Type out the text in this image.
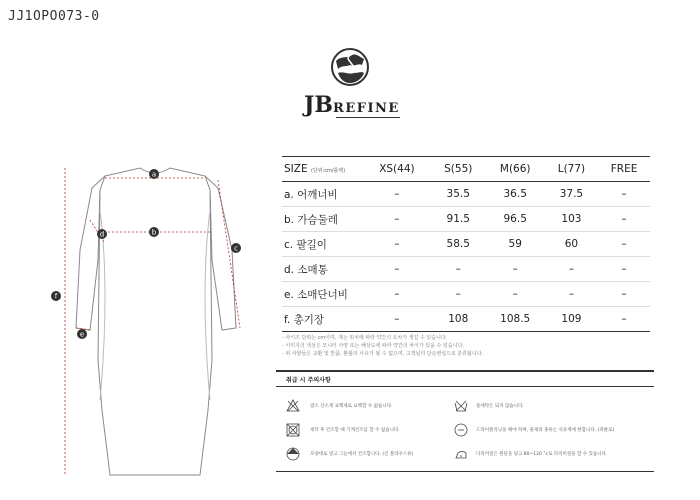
JJ1OPO073-0
JBREFINE
a
b
c
d
e
f
SIZE (단위:cm/틀렉)	XS(44)	S(55)	M(66)	L(77)	FREE
a. 어깨너비	–	35.5	36.5	37.5	–
b. 가슴둘레	–	91.5	96.5	103	–
c. 팔길이	–	58.5	59	60	–
d. 소매통	–	–	–	–	–
e. 소매단너비	–	–	–	–	–
f. 총기장	–	108	108.5	109	–
- 사이즈 단위는 cm이며, 재는 위치에 따라 약간의 오차가 생길 수 있습니다.
- 이미지의 색상은 모니터 사양 또는 해상도에 따라 약간의 차이가 있을 수 있습니다.
- 위 사항들은 교환 및 반품, 환불의 사유가 될 수 없으며, 고객님의 단순변심으로 분류됩니다.
취급 시 주의사항
염소 산소계 표백제로 표백할 수 없습니다.
세탁 후 건조할 때 기계건조를 할 수 없습니다.
모양대로 옆고 그늘에서 건조합니다. (긴 블라우스류)
물세탁은 되지 않습니다.
드라이클리닝을 해야 하며, 용제의 종류는 석유계에 한합니다. (퍼클로)
다리미질은 원단을 덮고 80~120 ˚c로 다리미질을 할 수 있습니다.
